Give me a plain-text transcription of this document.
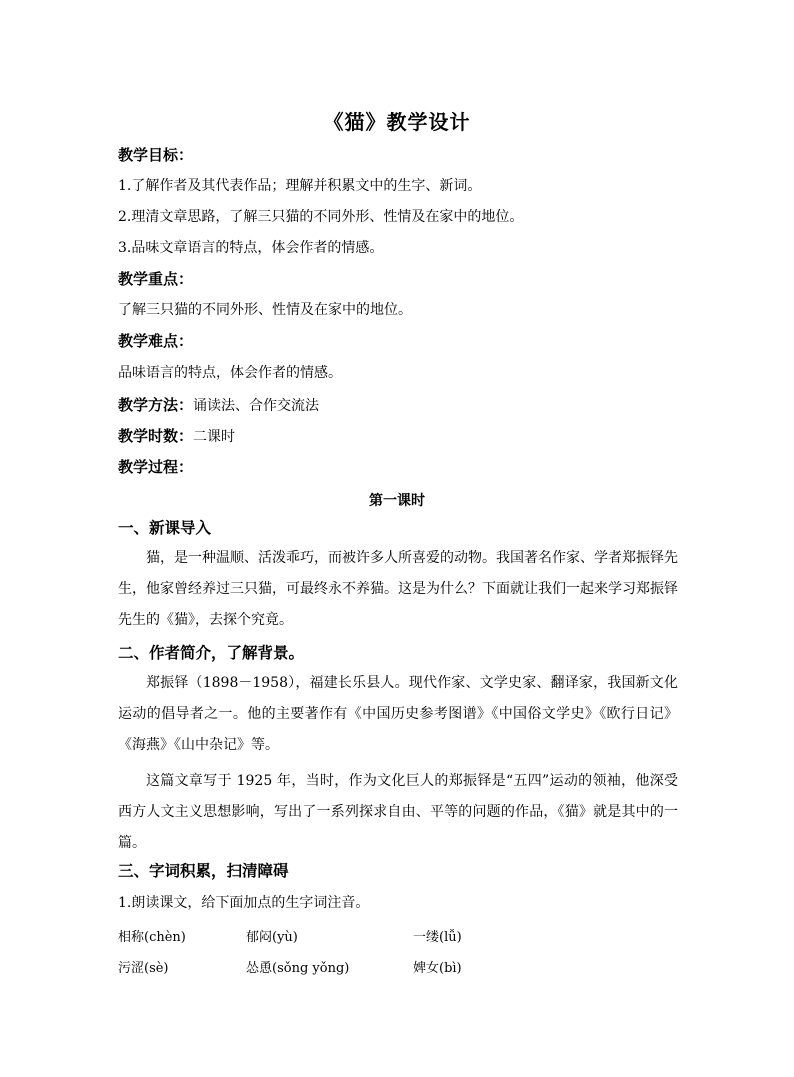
《猫》教学设计
教学目标：
1.了解作者及其代表作品；理解并积累文中的生字、新词。
2.理清文章思路，了解三只猫的不同外形、性情及在家中的地位。
3.品味文章语言的特点，体会作者的情感。
教学重点：
了解三只猫的不同外形、性情及在家中的地位。
教学难点：
品味语言的特点，体会作者的情感。
教学方法：诵读法、合作交流法
教学时数：二课时
教学过程：
第一课时
一、新课导入
猫，是一种温顺、活泼乖巧，而被许多人所喜爱的动物。我国著名作家、学者郑振铎先生，他家曾经养过三只猫，可最终永不养猫。这是为什么？下面就让我们一起来学习郑振铎先生的《猫》，去探个究竟。
二、作者简介，了解背景。
郑振铎（1898－1958），福建长乐县人。现代作家、文学史家、翻译家，我国新文化运动的倡导者之一。他的主要著作有《中国历史参考图谱》《中国俗文学史》《欧行日记》《海燕》《山中杂记》等。
这篇文章写于 1925 年，当时，作为文化巨人的郑振铎是“五四”运动的领袖，他深受西方人文主义思想影响，写出了一系列探求自由、平等的问题的作品，《猫》就是其中的一篇。
三、字词积累，扫清障碍
1.朗读课文，给下面加点的生字词注音。
相称(chèn)	郁闷(yù)	一缕(lǚ)
污涩(sè)	怂恿(sǒng yǒng)	婢女(bì)
